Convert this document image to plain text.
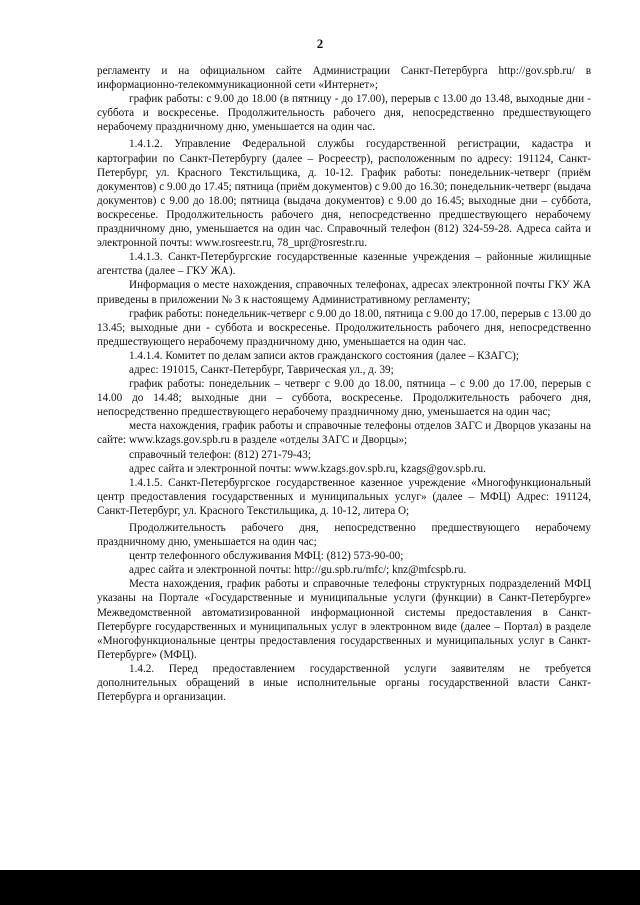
2

регламенту и на официальном сайте Администрации Санкт-Петербурга http://gov.spb.ru/ в информационно-телекоммуникационной сети «Интернет»;

график работы: с 9.00 до 18.00 (в пятницу - до 17.00), перерыв с 13.00 до 13.48, выходные дни - суббота и воскресенье. Продолжительность рабочего дня, непосредственно предшествующего нерабочему праздничному дню, уменьшается на один час.

1.4.1.2. Управление Федеральной службы государственной регистрации, кадастра и картографии по Санкт-Петербургу (далее – Росреестр), расположенным по адресу: 191124, Санкт-Петербург, ул. Красного Текстильщика, д. 10-12. График работы: понедельник-четверг (приём документов) с 9.00 до 17.45; пятница (приём документов) с 9.00 до 16.30; понедельник-четверг (выдача документов) с 9.00 до 18.00; пятница (выдача документов) с 9.00 до 16.45; выходные дни – суббота, воскресенье. Продолжительность рабочего дня, непосредственно предшествующего нерабочему праздничному дню, уменьшается на один час. Справочный телефон (812) 324-59-28. Адреса сайта и электронной почты: www.rosreestr.ru, 78_upr@rosrestr.ru.

1.4.1.3. Санкт-Петербургские государственные казенные учреждения – районные жилищные агентства (далее – ГКУ ЖА).

Информация о месте нахождения, справочных телефонах, адресах электронной почты ГКУ ЖА приведены в приложении № 3 к настоящему Административному регламенту;

график работы: понедельник-четверг с 9.00 до 18.00, пятница с 9.00 до 17.00, перерыв с 13.00 до 13.45; выходные дни - суббота и воскресенье. Продолжительность рабочего дня, непосредственно предшествующего нерабочему праздничному дню, уменьшается на один час.

1.4.1.4. Комитет по делам записи актов гражданского состояния (далее – КЗАГС);

адрес: 191015, Санкт-Петербург, Таврическая ул., д. 39;

график работы: понедельник – четверг с 9.00 до 18.00, пятница – с 9.00 до 17.00, перерыв с 14.00 до 14.48; выходные дни – суббота, воскресенье. Продолжительность рабочего дня, непосредственно предшествующего нерабочему праздничному дню, уменьшается на один час;

места нахождения, график работы и справочные телефоны отделов ЗАГС и Дворцов указаны на сайте: www.kzags.gov.spb.ru в разделе «отделы ЗАГС и Дворцы»;

справочный телефон: (812) 271-79-43;

адрес сайта и электронной почты: www.kzags.gov.spb.ru, kzags@gov.spb.ru.

1.4.1.5. Санкт-Петербургское государственное казенное учреждение «Многофункциональный центр предоставления государственных и муниципальных услуг» (далее – МФЦ) Адрес: 191124, Санкт-Петербург, ул. Красного Текстильщика, д. 10-12, литера О;

Продолжительность рабочего дня, непосредственно предшествующего нерабочему праздничному дню, уменьшается на один час;

центр телефонного обслуживания МФЦ: (812) 573-90-00;

адрес сайта и электронной почты: http://gu.spb.ru/mfc/; knz@mfcspb.ru.

Места нахождения, график работы и справочные телефоны структурных подразделений МФЦ указаны на Портале «Государственные и муниципальные услуги (функции) в Санкт-Петербурге» Межведомственной автоматизированной информационной системы предоставления в Санкт-Петербурге государственных и муниципальных услуг в электронном виде (далее – Портал) в разделе «Многофункциональные центры предоставления государственных и муниципальных услуг в Санкт-Петербурге» (МФЦ).

1.4.2. Перед предоставлением государственной услуги заявителям не требуется дополнительных обращений в иные исполнительные органы государственной власти Санкт-Петербурга и организации.
